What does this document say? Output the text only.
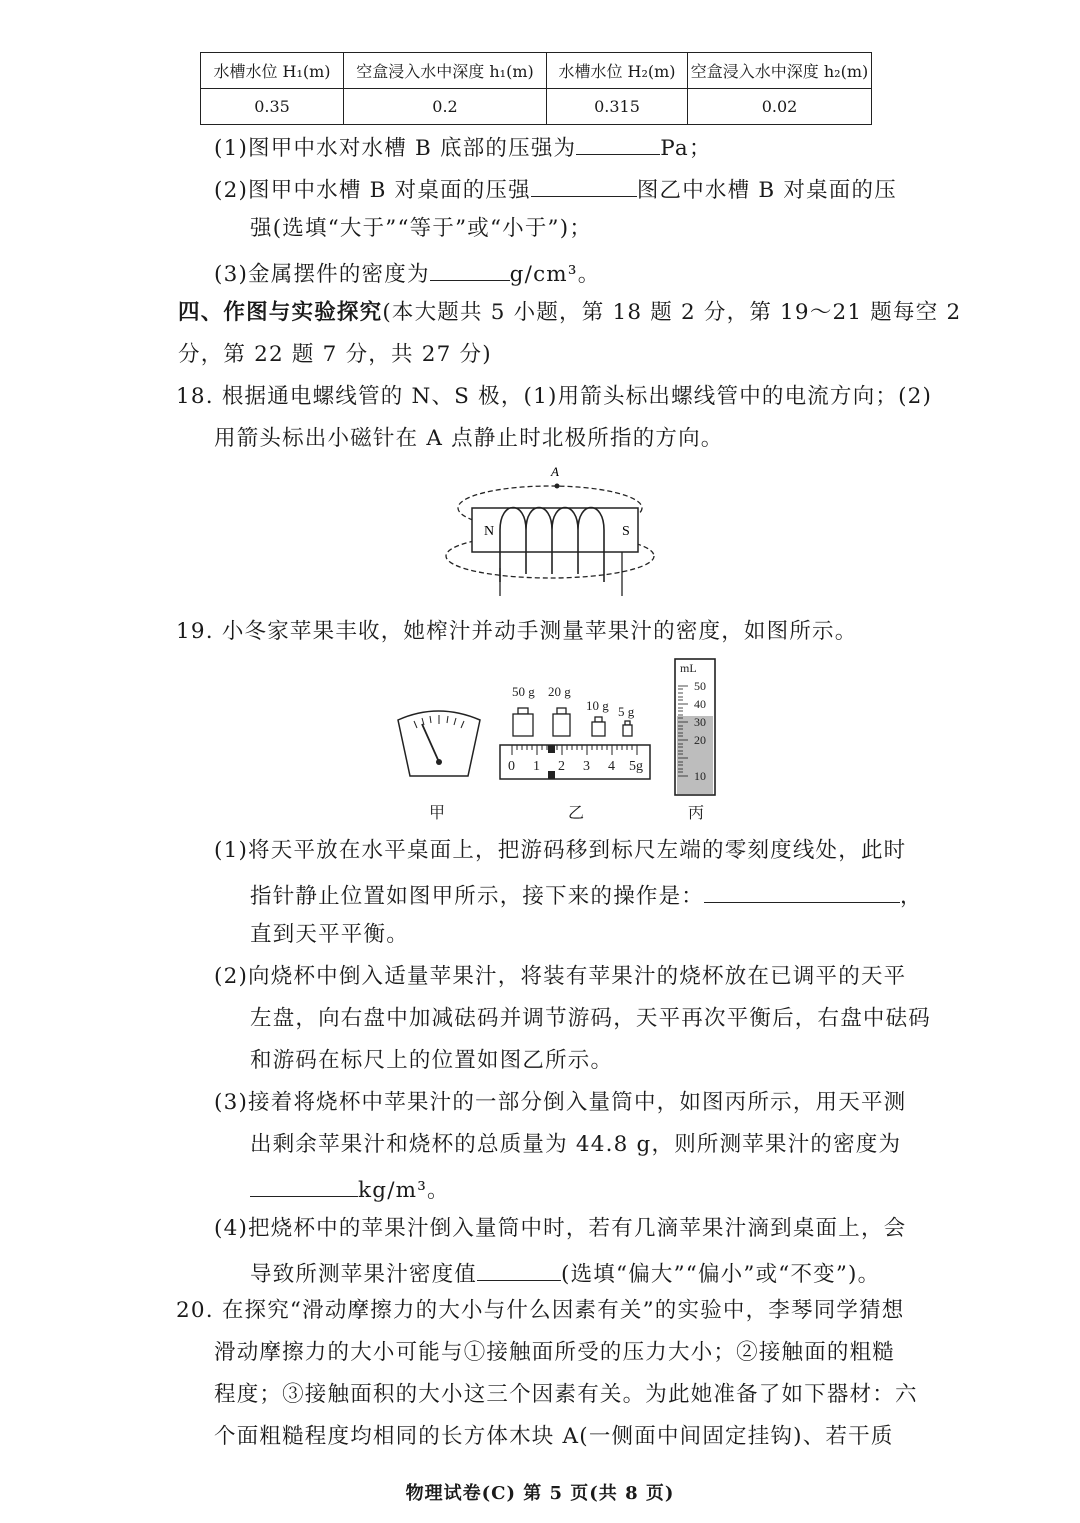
水槽水位 H₁(m)	空盒浸入水中深度 h₁(m)	水槽水位 H₂(m)	空盒浸入水中深度 h₂(m)
0.35	0.2	0.315	0.02
(1)图甲中水对水槽 B 底部的压强为	Pa；
(2)图甲中水槽 B 对桌面的压强	图乙中水槽 B 对桌面的压
强(选填“大于”“等于”或“小于”)；
(3)金属摆件的密度为	g/cm³。
四、作图与实验探究(本大题共 5 小题，第 18 题 2 分，第 19～21 题每空 2
分，第 22 题 7 分，共 27 分)
18. 根据通电螺线管的 N、S 极，(1)用箭头标出螺线管中的电流方向；(2)
用箭头标出小磁针在 A 点静止时北极所指的方向。
A
N	S
19. 小冬家苹果丰收，她榨汁并动手测量苹果汁的密度，如图所示。
甲
50 g 20 g
10 g 5 g
0 1 2 3 4 5g
乙
mL
50
40
30
20
10
丙
(1)将天平放在水平桌面上，把游码移到标尺左端的零刻度线处，此时
指针静止位置如图甲所示，接下来的操作是：	，
直到天平平衡。
(2)向烧杯中倒入适量苹果汁，将装有苹果汁的烧杯放在已调平的天平
左盘，向右盘中加减砝码并调节游码，天平再次平衡后，右盘中砝码
和游码在标尺上的位置如图乙所示。
(3)接着将烧杯中苹果汁的一部分倒入量筒中，如图丙所示，用天平测
出剩余苹果汁和烧杯的总质量为 44.8 g，则所测苹果汁的密度为
kg/m³。
(4)把烧杯中的苹果汁倒入量筒中时，若有几滴苹果汁滴到桌面上，会
导致所测苹果汁密度值	(选填“偏大”“偏小”或“不变”)。
20. 在探究“滑动摩擦力的大小与什么因素有关”的实验中，李琴同学猜想
滑动摩擦力的大小可能与①接触面所受的压力大小；②接触面的粗糙
程度；③接触面积的大小这三个因素有关。为此她准备了如下器材：六
个面粗糙程度均相同的长方体木块 A(一侧面中间固定挂钩)、若干质
物理试卷(C) 第 5 页(共 8 页)
